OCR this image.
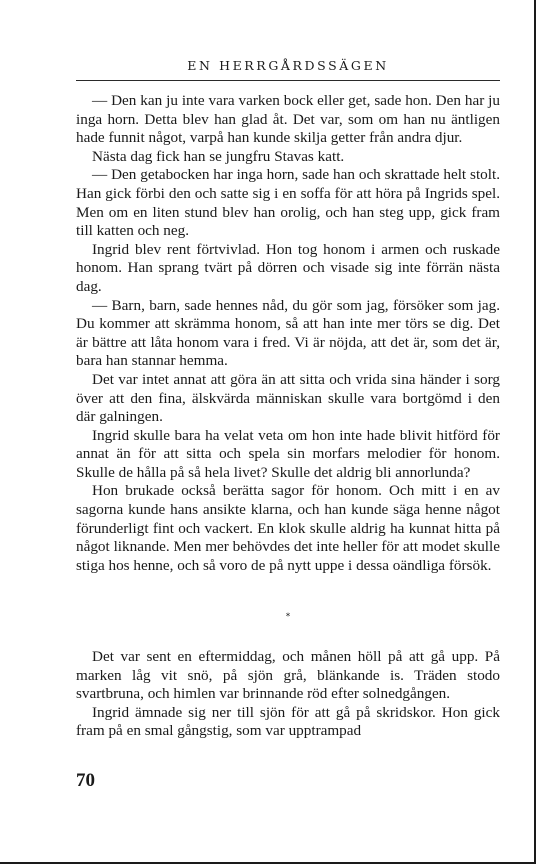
EN HERRGÅRDSSÄGEN

— Den kan ju inte vara varken bock eller get, sade hon. Den har ju inga horn. Detta blev han glad åt. Det var, som om han nu äntligen hade funnit något, varpå han kunde skilja getter från andra djur.

Nästa dag fick han se jungfru Stavas katt.

— Den getabocken har inga horn, sade han och skrattade helt stolt. Han gick förbi den och satte sig i en soffa för att höra på Ingrids spel. Men om en liten stund blev han orolig, och han steg upp, gick fram till katten och neg.

Ingrid blev rent förtvivlad. Hon tog honom i armen och ruskade honom. Han sprang tvärt på dörren och visade sig inte förrän nästa dag.

— Barn, barn, sade hennes nåd, du gör som jag, försöker som jag. Du kommer att skrämma honom, så att han inte mer törs se dig. Det är bättre att låta honom vara i fred. Vi är nöjda, att det är, som det är, bara han stannar hemma.

Det var intet annat att göra än att sitta och vrida sina händer i sorg över att den fina, älskvärda människan skulle vara bortgömd i den där galningen.

Ingrid skulle bara ha velat veta om hon inte hade blivit hitförd för annat än för att sitta och spela sin morfars melodier för honom. Skulle de hålla på så hela livet? Skulle det aldrig bli annorlunda?

Hon brukade också berätta sagor för honom. Och mitt i en av sagorna kunde hans ansikte klarna, och han kunde säga henne något förunderligt fint och vackert. En klok skulle aldrig ha kunnat hitta på något liknande. Men mer behövdes det inte heller för att modet skulle stiga hos henne, och så voro de på nytt uppe i dessa oändliga försök.

*

Det var sent en eftermiddag, och månen höll på att gå upp. På marken låg vit snö, på sjön grå, blänkande is. Träden stodo svartbruna, och himlen var brinnande röd efter solnedgången.

Ingrid ämnade sig ner till sjön för att gå på skridskor. Hon gick fram på en smal gångstig, som var upptrampad

70
